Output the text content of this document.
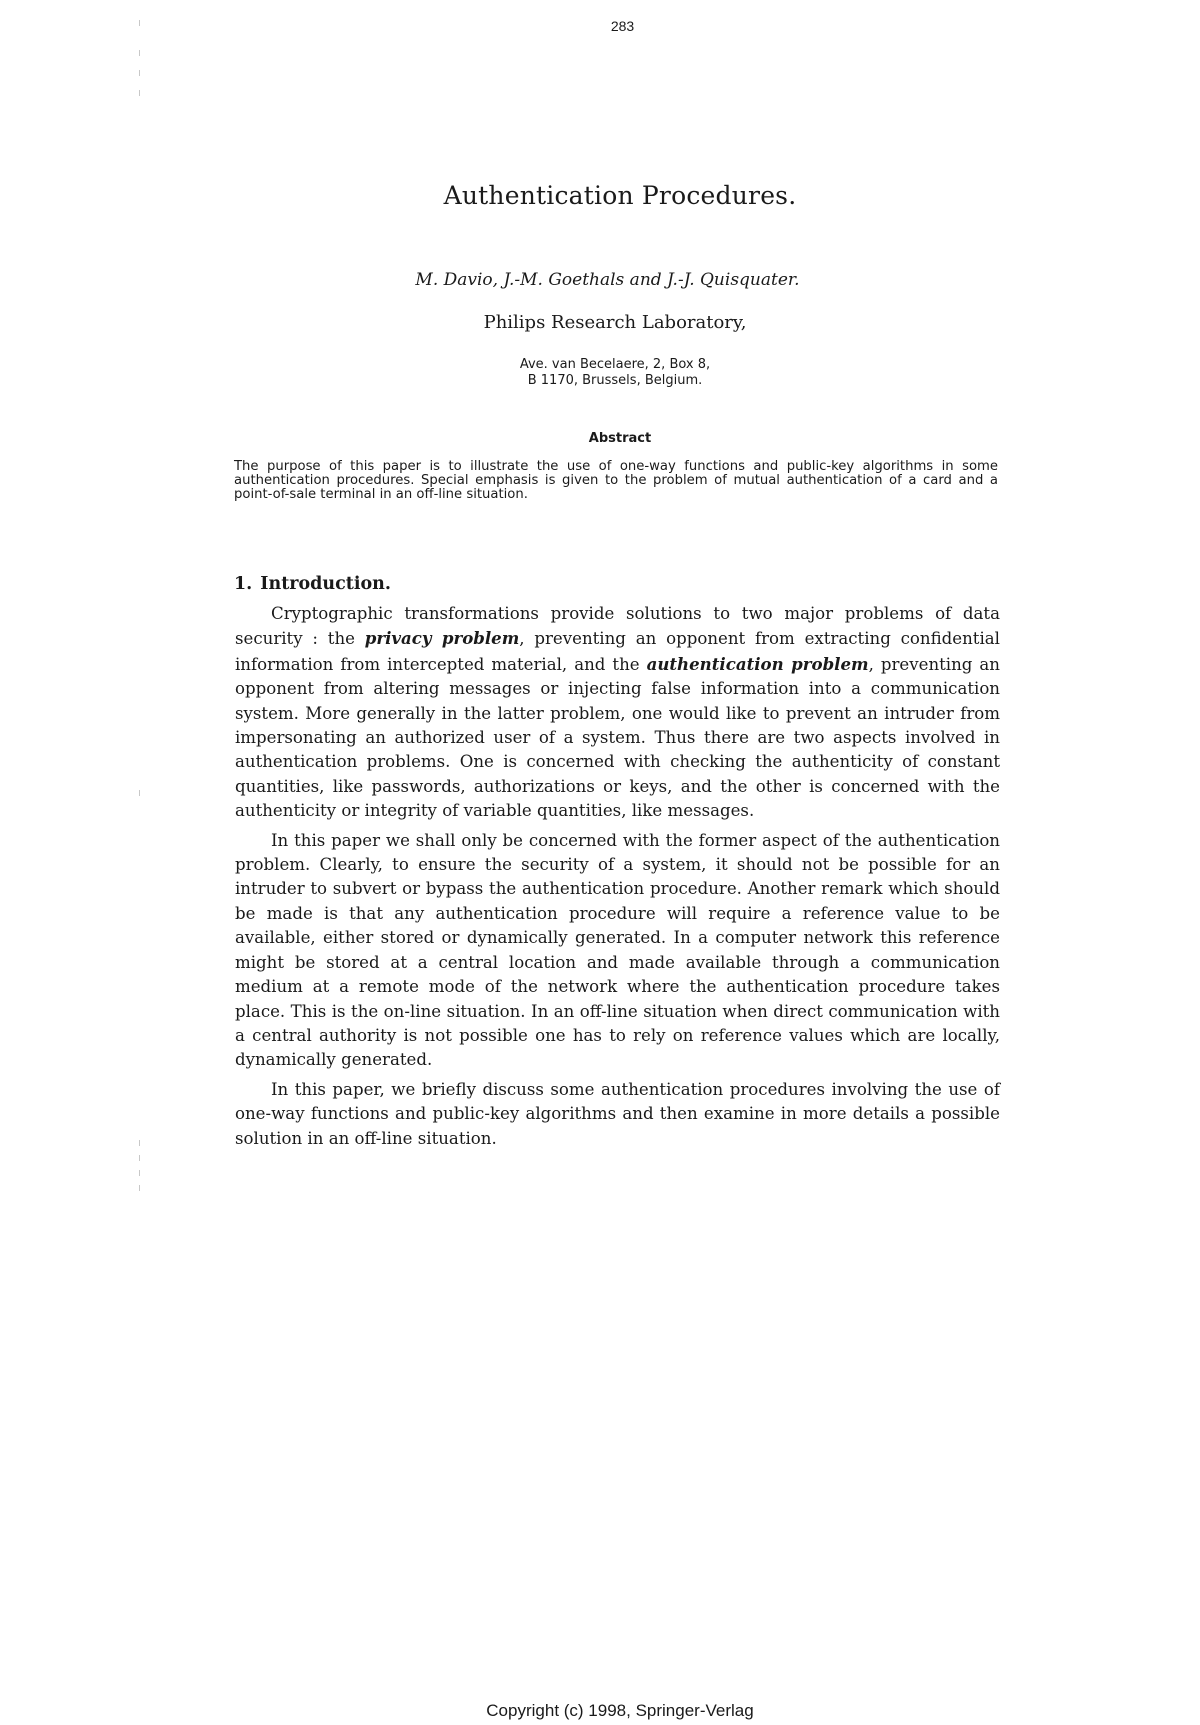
283
Authentication Procedures.
M. Davio, J.-M. Goethals and J.-J. Quisquater.
Philips Research Laboratory,
Ave. van Becelaere, 2, Box 8,
B 1170, Brussels, Belgium.
Abstract
The purpose of this paper is to illustrate the use of one-way functions and public-key algorithms in some authentication procedures. Special emphasis is given to the problem of mutual authentication of a card and a point-of-sale terminal in an off-line situation.
1. Introduction.

Cryptographic transformations provide solutions to two major problems of data security : the privacy problem, preventing an opponent from extracting confidential information from intercepted material, and the authentication problem, preventing an opponent from altering messages or injecting false information into a communication system. More generally in the latter problem, one would like to prevent an intruder from impersonating an authorized user of a system. Thus there are two aspects involved in authentication problems. One is concerned with checking the authenticity of constant quantities, like passwords, authorizations or keys, and the other is concerned with the authenticity or integrity of variable quantities, like messages.

In this paper we shall only be concerned with the former aspect of the authentication problem. Clearly, to ensure the security of a system, it should not be possible for an intruder to subvert or bypass the authentication procedure. Another remark which should be made is that any authentication procedure will require a reference value to be available, either stored or dynamically generated. In a computer network this reference might be stored at a central location and made available through a communication medium at a remote mode of the network where the authentication procedure takes place. This is the on-line situation. In an off-line situation when direct communication with a central authority is not possible one has to rely on reference values which are locally, dynamically generated.

In this paper, we briefly discuss some authentication procedures involving the use of one-way functions and public-key algorithms and then examine in more details a possible solution in an off-line situation.

Copyright (c) 1998, Springer-Verlag
